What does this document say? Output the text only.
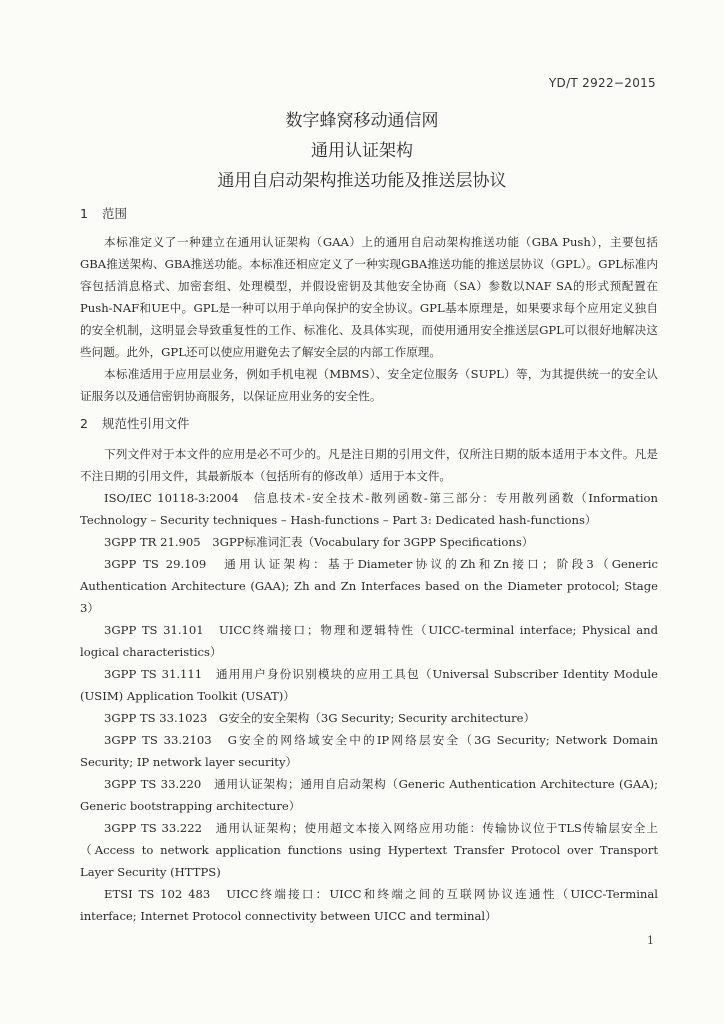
YD/T 2922−2015
数字蜂窝移动通信网
通用认证架构
通用自启动架构推送功能及推送层协议
1 范围

本标准定义了一种建立在通用认证架构（GAA）上的通用自启动架构推送功能（GBA Push），主要包括GBA推送架构、GBA推送功能。本标准还相应定义了一种实现GBA推送功能的推送层协议（GPL）。GPL标准内容包括消息格式、加密套组、处理模型，并假设密钥及其他安全协商（SA）参数以NAF SA的形式预配置在Push-NAF和UE中。GPL是一种可以用于单向保护的安全协议。GPL基本原理是，如果要求每个应用定义独自的安全机制，这明显会导致重复性的工作、标准化、及具体实现，而使用通用安全推送层GPL可以很好地解决这些问题。此外，GPL还可以使应用避免去了解安全层的内部工作原理。

本标准适用于应用层业务，例如手机电视（MBMS）、安全定位服务（SUPL）等，为其提供统一的安全认证服务以及通信密钥协商服务，以保证应用业务的安全性。

2 规范性引用文件

下列文件对于本文件的应用是必不可少的。凡是注日期的引用文件，仅所注日期的版本适用于本文件。凡是不注日期的引用文件，其最新版本（包括所有的修改单）适用于本文件。

ISO/IEC 10118-3:2004　信息技术-安全技术-散列函数-第三部分：专用散列函数（Information Technology – Security techniques – Hash-functions – Part 3: Dedicated hash-functions）

3GPP TR 21.905　3GPP标准词汇表（Vocabulary for 3GPP Specifications）

3GPP TS 29.109　通用认证架构：基于Diameter协议的Zh和Zn接口；阶段3（Generic Authentication Architecture (GAA); Zh and Zn Interfaces based on the Diameter protocol; Stage 3）

3GPP TS 31.101　UICC终端接口；物理和逻辑特性（UICC-terminal interface; Physical and logical characteristics）

3GPP TS 31.111　通用用户身份识别模块的应用工具包（Universal Subscriber Identity Module (USIM) Application Toolkit (USAT)）

3GPP TS 33.1023　G安全的安全架构（3G Security; Security architecture）

3GPP TS 33.2103　G安全的网络域安全中的IP网络层安全（3G Security; Network Domain Security; IP network layer security）

3GPP TS 33.220　通用认证架构；通用自启动架构（Generic Authentication Architecture (GAA); Generic bootstrapping architecture）

3GPP TS 33.222　通用认证架构；使用超文本接入网络应用功能：传输协议位于TLS传输层安全上（Access to network application functions using Hypertext Transfer Protocol over Transport Layer Security (HTTPS)

ETSI TS 102 483　UICC终端接口：UICC和终端之间的互联网协议连通性（UICC-Terminal interface; Internet Protocol connectivity between UICC and terminal）

1
